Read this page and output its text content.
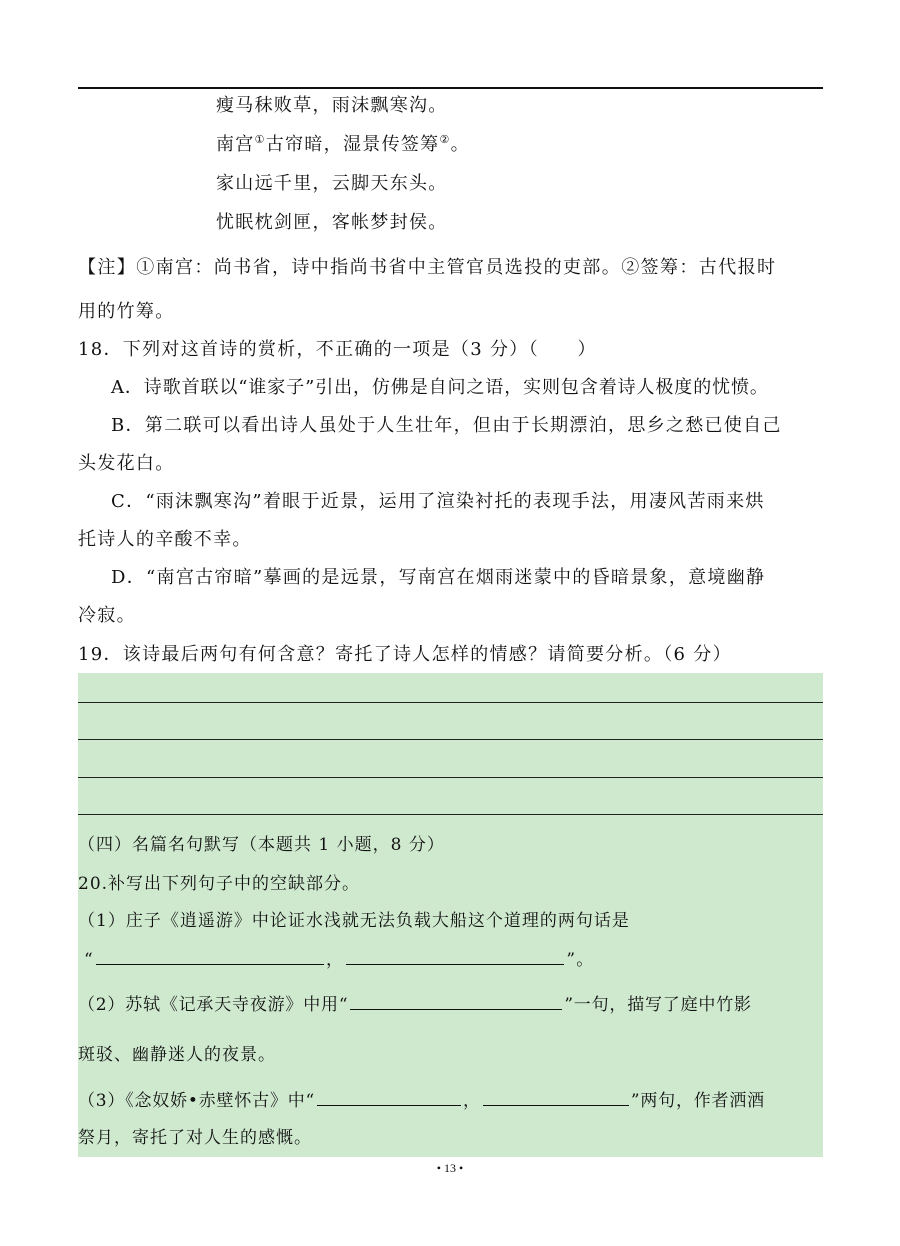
瘦马秣败草，雨沫飘寒沟。
南宫①古帘暗，湿景传签筹②。
家山远千里，云脚天东头。
忧眠枕剑匣，客帐梦封侯。
【注】①南宫：尚书省，诗中指尚书省中主管官员选投的吏部。②签筹：古代报时
用的竹筹。
18．下列对这首诗的赏析，不正确的一项是（3 分）（　　）
A．诗歌首联以“谁家子”引出，仿佛是自问之语，实则包含着诗人极度的忧愤。
B．第二联可以看出诗人虽处于人生壮年，但由于长期漂泊，思乡之愁已使自己
头发花白。
C．“雨沫飘寒沟”着眼于近景，运用了渲染衬托的表现手法，用凄风苦雨来烘
托诗人的辛酸不幸。
D．“南宫古帘暗”摹画的是远景，写南宫在烟雨迷蒙中的昏暗景象，意境幽静
冷寂。
19．该诗最后两句有何含意？寄托了诗人怎样的情感？请简要分析。（6 分）
（四）名篇名句默写（本题共 1 小题，8 分）
20.补写出下列句子中的空缺部分。
（1）庄子《逍遥游》中论证水浅就无法负载大船这个道理的两句话是
“	，	”。
（2）苏轼《记承天寺夜游》中用“	”一句，描写了庭中竹影
斑驳、幽静迷人的夜景。
（3）《念奴娇•赤壁怀古》中“	，	”两句，作者洒酒
祭月，寄托了对人生的感慨。
• 13 •
